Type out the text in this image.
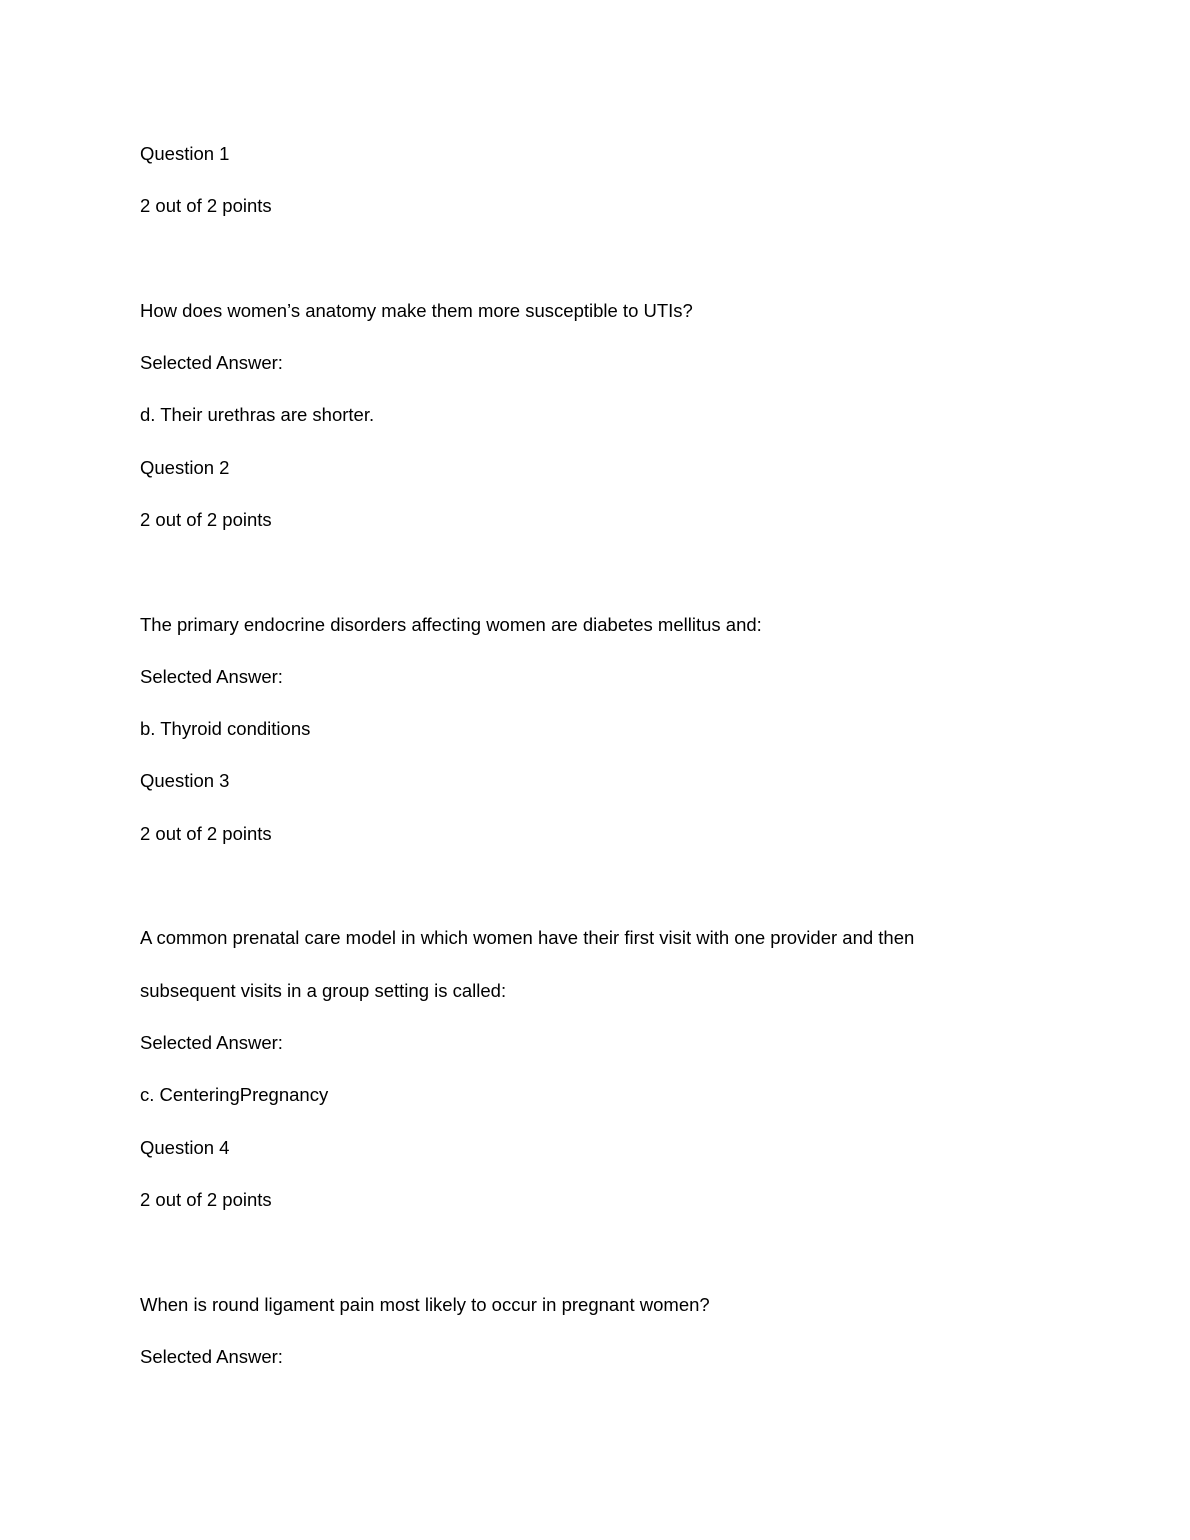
Question 1
2 out of 2 points
How does women’s anatomy make them more susceptible to UTIs?
Selected Answer:
d. Their urethras are shorter.
Question 2
2 out of 2 points
The primary endocrine disorders affecting women are diabetes mellitus and:
Selected Answer:
b. Thyroid conditions
Question 3
2 out of 2 points
A common prenatal care model in which women have their first visit with one provider and then
subsequent visits in a group setting is called:
Selected Answer:
c. CenteringPregnancy
Question 4
2 out of 2 points
When is round ligament pain most likely to occur in pregnant women?
Selected Answer:
